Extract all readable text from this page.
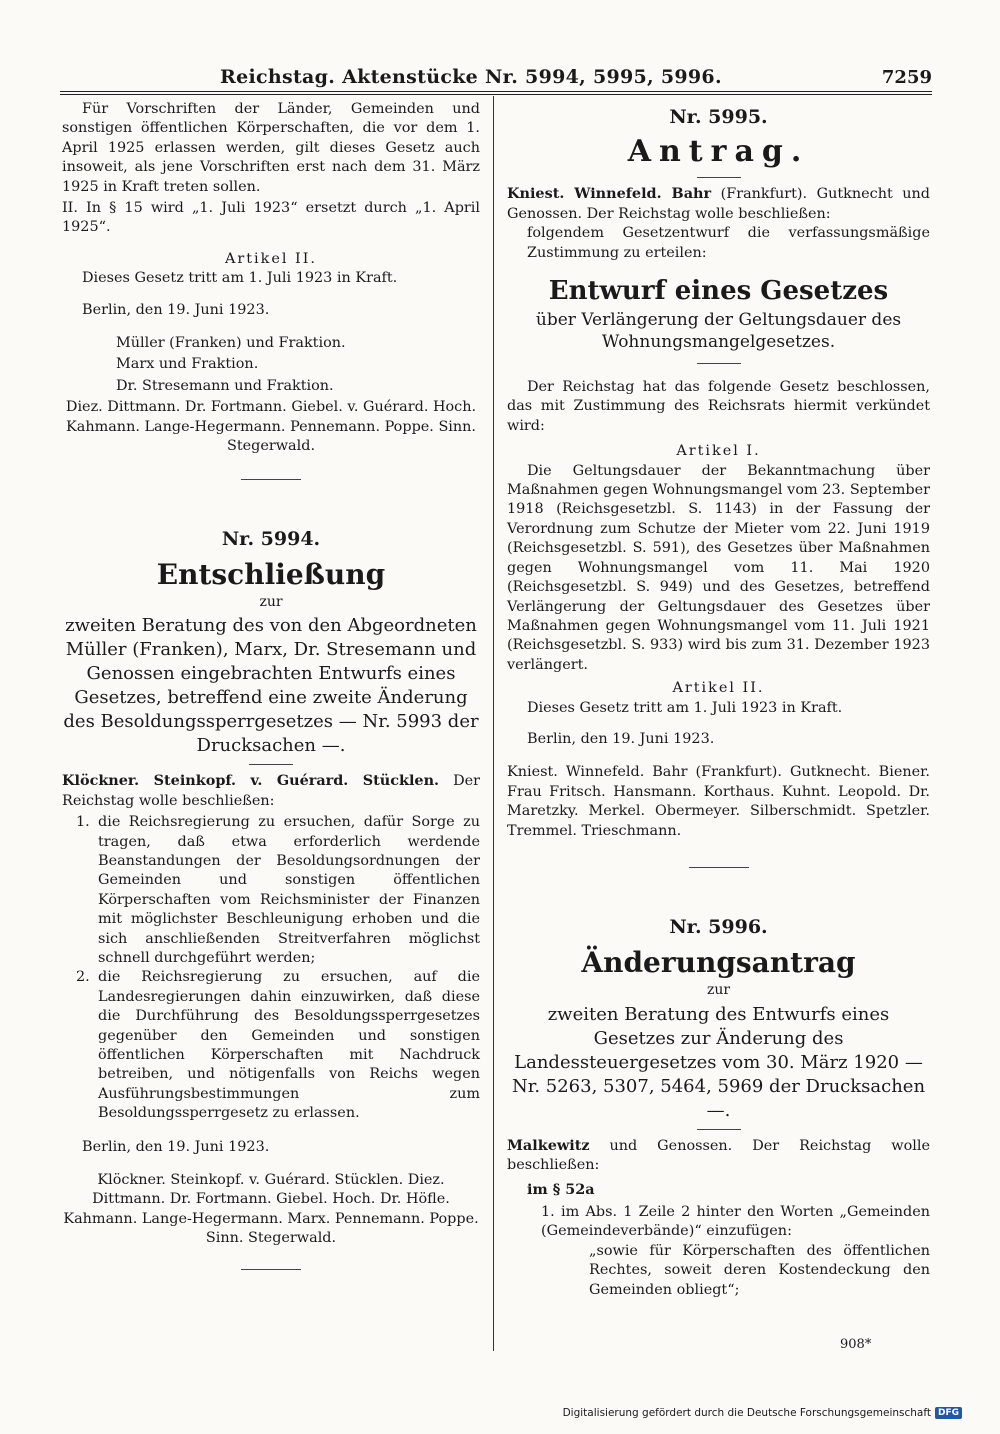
Reichstag. Aktenstücke Nr. 5994, 5995, 5996.	7259

Für Vorschriften der Länder, Gemeinden und sonstigen öffentlichen Körperschaften, die vor dem 1. April 1925 erlassen werden, gilt dieses Gesetz auch insoweit, als jene Vorschriften erst nach dem 31. März 1925 in Kraft treten sollen.

II. In § 15 wird „1. Juli 1923“ ersetzt durch „1. April 1925“.

Artikel II.

Dieses Gesetz tritt am 1. Juli 1923 in Kraft.

Berlin, den 19. Juni 1923.

Müller (Franken) und Fraktion.

Marx und Fraktion.

Dr. Stresemann und Fraktion.

Diez. Dittmann. Dr. Fortmann. Giebel. v. Guérard. Hoch. Kahmann. Lange-Hegermann. Pennemann. Poppe. Sinn. Stegerwald.

Nr. 5994.
Entschließung
zur

zweiten Beratung des von den Abgeordneten Müller (Franken), Marx, Dr. Stresemann und Genossen eingebrachten Entwurfs eines Gesetzes, betreffend eine zweite Änderung des Besoldungssperrgesetzes — Nr. 5993 der Drucksachen —.

Klöckner. Steinkopf. v. Guérard. Stücklen. Der Reichstag wolle beschließen:

1. die Reichsregierung zu ersuchen, dafür Sorge zu tragen, daß etwa erforderlich werdende Beanstandungen der Besoldungsordnungen der Gemeinden und sonstigen öffentlichen Körperschaften vom Reichsminister der Finanzen mit möglichster Beschleunigung erhoben und die sich anschließenden Streitverfahren möglichst schnell durchgeführt werden;
2. die Reichsregierung zu ersuchen, auf die Landesregierungen dahin einzuwirken, daß diese die Durchführung des Besoldungssperrgesetzes gegenüber den Gemeinden und sonstigen öffentlichen Körperschaften mit Nachdruck betreiben, und nötigenfalls von Reichs wegen Ausführungsbestimmungen zum Besoldungssperrgesetz zu erlassen.

Berlin, den 19. Juni 1923.

Klöckner. Steinkopf. v. Guérard. Stücklen. Diez. Dittmann. Dr. Fortmann. Giebel. Hoch. Dr. Höfle. Kahmann. Lange-Hegermann. Marx. Pennemann. Poppe. Sinn. Stegerwald.

Nr. 5995.
Antrag.

Kniest. Winnefeld. Bahr (Frankfurt). Gutknecht und Genossen. Der Reichstag wolle beschließen:

folgendem Gesetzentwurf die verfassungsmäßige Zustimmung zu erteilen:

Entwurf eines Gesetzes

über Verlängerung der Geltungsdauer des Wohnungsmangelgesetzes.

Der Reichstag hat das folgende Gesetz beschlossen, das mit Zustimmung des Reichsrats hiermit verkündet wird:

Artikel I.

Die Geltungsdauer der Bekanntmachung über Maßnahmen gegen Wohnungsmangel vom 23. September 1918 (Reichsgesetzbl. S. 1143) in der Fassung der Verordnung zum Schutze der Mieter vom 22. Juni 1919 (Reichsgesetzbl. S. 591), des Gesetzes über Maßnahmen gegen Wohnungsmangel vom 11. Mai 1920 (Reichsgesetzbl. S. 949) und des Gesetzes, betreffend Verlängerung der Geltungsdauer des Gesetzes über Maßnahmen gegen Wohnungsmangel vom 11. Juli 1921 (Reichsgesetzbl. S. 933) wird bis zum 31. Dezember 1923 verlängert.

Artikel II.

Dieses Gesetz tritt am 1. Juli 1923 in Kraft.

Berlin, den 19. Juni 1923.

Kniest. Winnefeld. Bahr (Frankfurt). Gutknecht. Biener. Frau Fritsch. Hansmann. Korthaus. Kuhnt. Leopold. Dr. Maretzky. Merkel. Obermeyer. Silberschmidt. Spetzler. Tremmel. Trieschmann.

Nr. 5996.
Änderungsantrag
zur

zweiten Beratung des Entwurfs eines Gesetzes zur Änderung des Landessteuergesetzes vom 30. März 1920 — Nr. 5263, 5307, 5464, 5969 der Drucksachen —.

Malkewitz und Genossen. Der Reichstag wolle beschließen:

im § 52a

1. im Abs. 1 Zeile 2 hinter den Worten „Gemeinden (Gemeindeverbände)“ einzufügen:

„sowie für Körperschaften des öffentlichen Rechtes, soweit deren Kostendeckung den Gemeinden obliegt“;

908*
Digitalisierung gefördert durch die Deutsche Forschungsgemeinschaft DFG
